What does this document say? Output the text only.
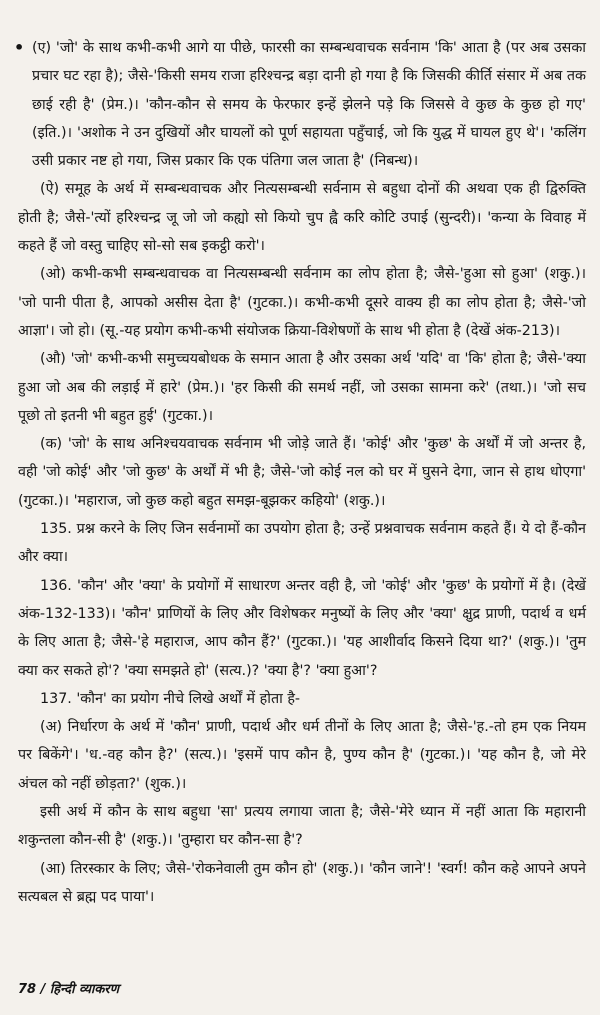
• (ए) 'जो' के साथ कभी-कभी आगे या पीछे, फारसी का सम्बन्धवाचक सर्वनाम 'कि' आता है (पर अब उसका प्रचार घट रहा है); जैसे-'किसी समय राजा हरिश्चन्द्र बड़ा दानी हो गया है कि जिसकी कीर्ति संसार में अब तक छाई रही है' (प्रेम.)। 'कौन-कौन से समय के फेरफार इन्हें झेलने पड़े कि जिससे वे कुछ के कुछ हो गए' (इति.)। 'अशोक ने उन दुखियों और घायलों को पूर्ण सहायता पहुँचाई, जो कि युद्ध में घायल हुए थे'। 'कलिंग उसी प्रकार नष्ट हो गया, जिस प्रकार कि एक पंतिगा जल जाता है' (निबन्ध)।

(ऐ) समूह के अर्थ में सम्बन्धवाचक और नित्यसम्बन्धी सर्वनाम से बहुधा दोनों की अथवा एक ही द्विरुक्ति होती है; जैसे-'त्यों हरिश्चन्द्र जू जो जो कह्यो सो कियो चुप ह्वै करि कोटि उपाई (सुन्दरी)। 'कन्या के विवाह में कहते हैं जो वस्तु चाहिए सो-सो सब इकट्ठी करो'।

(ओ) कभी-कभी सम्बन्धवाचक वा नित्यसम्बन्धी सर्वनाम का लोप होता है; जैसे-'हुआ सो हुआ' (शकु.)। 'जो पानी पीता है, आपको असीस देता है' (गुटका.)। कभी-कभी दूसरे वाक्य ही का लोप होता है; जैसे-'जो आज्ञा'। जो हो। (सू.-यह प्रयोग कभी-कभी संयोजक क्रिया-विशेषणों के साथ भी होता है (देखें अंक-213)।

(औ) 'जो' कभी-कभी समुच्चयबोधक के समान आता है और उसका अर्थ 'यदि' वा 'कि' होता है; जैसे-'क्या हुआ जो अब की लड़ाई में हारे' (प्रेम.)। 'हर किसी की समर्थ नहीं, जो उसका सामना करे' (तथा.)। 'जो सच पूछो तो इतनी भी बहुत हुई' (गुटका.)।

(क) 'जो' के साथ अनिश्चयवाचक सर्वनाम भी जोड़े जाते हैं। 'कोई' और 'कुछ' के अर्थों में जो अन्तर है, वही 'जो कोई' और 'जो कुछ' के अर्थों में भी है; जैसे-'जो कोई नल को घर में घुसने देगा, जान से हाथ धोएगा' (गुटका.)। 'महाराज, जो कुछ कहो बहुत समझ-बूझकर कहियो' (शकु.)।

135. प्रश्न करने के लिए जिन सर्वनामों का उपयोग होता है; उन्हें प्रश्नवाचक सर्वनाम कहते हैं। ये दो हैं-कौन और क्या।

136. 'कौन' और 'क्या' के प्रयोगों में साधारण अन्तर वही है, जो 'कोई' और 'कुछ' के प्रयोगों में है। (देखें अंक-132-133)। 'कौन' प्राणियों के लिए और विशेषकर मनुष्यों के लिए और 'क्या' क्षुद्र प्राणी, पदार्थ व धर्म के लिए आता है; जैसे-'हे महाराज, आप कौन हैं?' (गुटका.)। 'यह आशीर्वाद किसने दिया था?' (शकु.)। 'तुम क्या कर सकते हो'? 'क्या समझते हो' (सत्य.)? 'क्या है'? 'क्या हुआ'?

137. 'कौन' का प्रयोग नीचे लिखे अर्थों में होता है-

(अ) निर्धारण के अर्थ में 'कौन' प्राणी, पदार्थ और धर्म तीनों के लिए आता है; जैसे-'ह.-तो हम एक नियम पर बिकेंगे'। 'ध.-वह कौन है?' (सत्य.)। 'इसमें पाप कौन है, पुण्य कौन है' (गुटका.)। 'यह कौन है, जो मेरे अंचल को नहीं छोड़ता?' (शुक.)।

इसी अर्थ में कौन के साथ बहुधा 'सा' प्रत्यय लगाया जाता है; जैसे-'मेरे ध्यान में नहीं आता कि महारानी शकुन्तला कौन-सी है' (शकु.)। 'तुम्हारा घर कौन-सा है'?

(आ) तिरस्कार के लिए; जैसे-'रोकनेवाली तुम कौन हो' (शकु.)। 'कौन जाने'! 'स्वर्ग! कौन कहे आपने अपने सत्यबल से ब्रह्म पद पाया'।

78 / हिन्दी व्याकरण
